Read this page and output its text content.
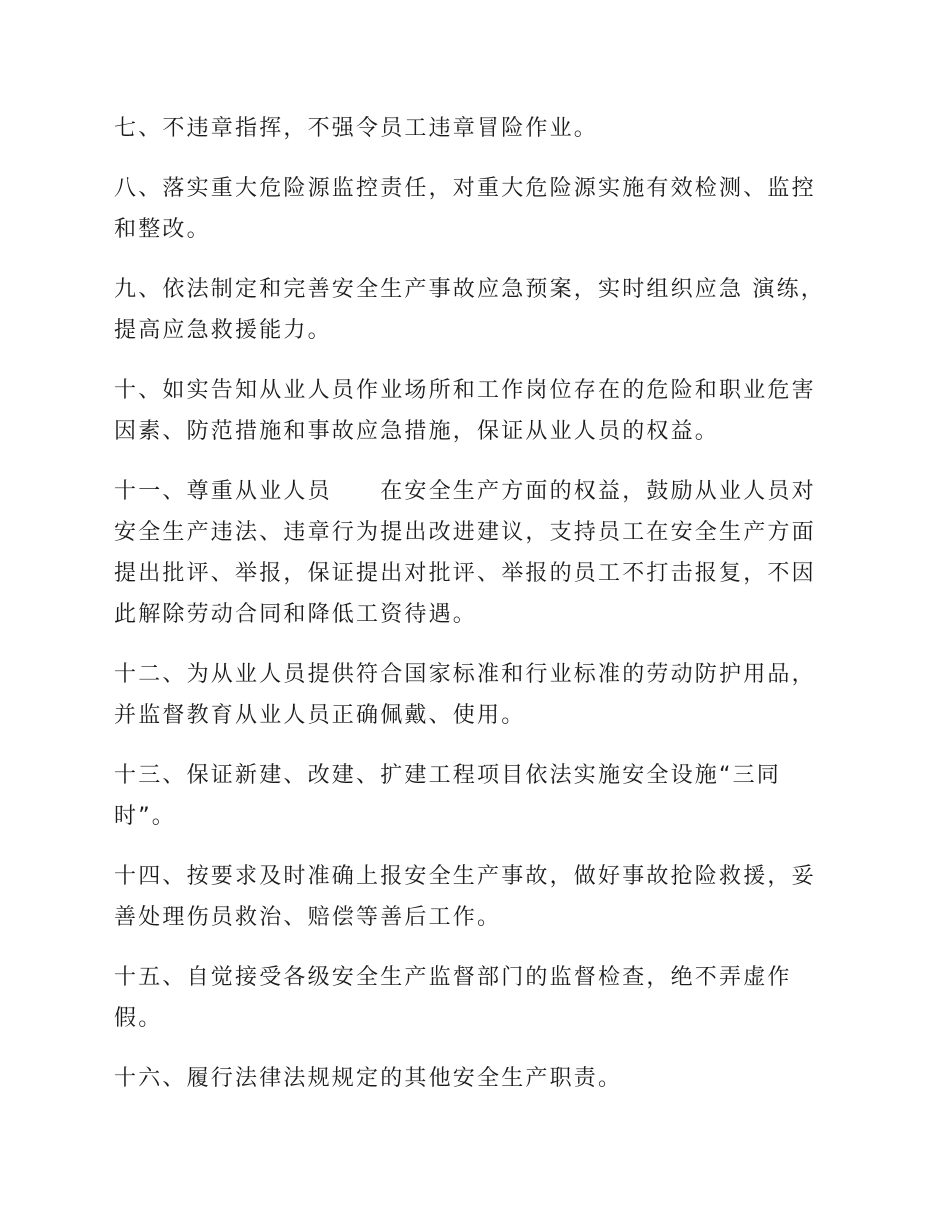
七、不违章指挥，不强令员工违章冒险作业。

八、落实重大危险源监控责任，对重大危险源实施有效检测、监控和整改。

九、依法制定和完善安全生产事故应急预案，实时组织应急 演练，提高应急救援能力。

十、如实告知从业人员作业场所和工作岗位存在的危险和职业危害因素、防范措施和事故应急措施，保证从业人员的权益。

十一、尊重从业人员　　在安全生产方面的权益，鼓励从业人员对安全生产违法、违章行为提出改进建议，支持员工在安全生产方面提出批评、举报，保证提出对批评、举报的员工不打击报复，不因此解除劳动合同和降低工资待遇。

十二、为从业人员提供符合国家标准和行业标准的劳动防护用品，并监督教育从业人员正确佩戴、使用。

十三、保证新建、改建、扩建工程项目依法实施安全设施“三同时”。

十四、按要求及时准确上报安全生产事故，做好事故抢险救援，妥善处理伤员救治、赔偿等善后工作。

十五、自觉接受各级安全生产监督部门的监督检查，绝不弄虚作假。

十六、履行法律法规规定的其他安全生产职责。
